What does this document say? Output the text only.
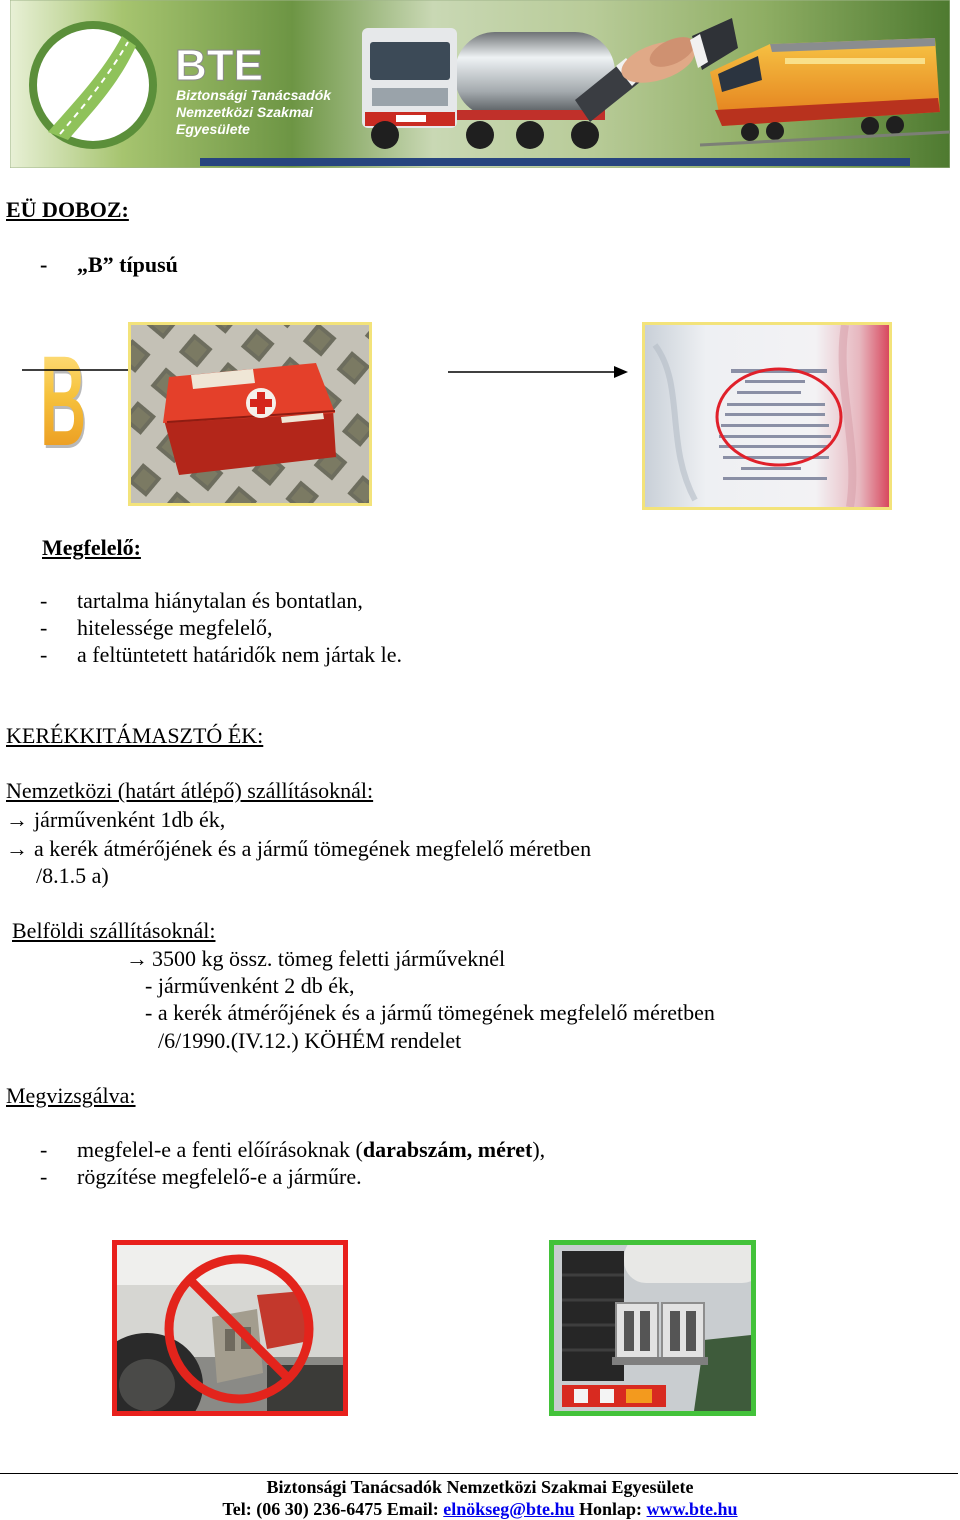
BTE
Biztonsági Tanácsadók
Nemzetközi Szakmai
Egyesülete
EÜ DOBOZ:
- „B” típusú
B
Megfelelő:
- tartalma hiánytalan és bontatlan,
- hitelessége megfelelő,
- a feltüntetett határidők nem jártak le.
KERÉKKITÁMASZTÓ ÉK:
Nemzetközi (határt átlépő) szállításoknál:
→ járművenként 1db ék,
→ a kerék átmérőjének és a jármű tömegének megfelelő méretben
/8.1.5 a)
Belföldi szállításoknál:
→ 3500 kg össz. tömeg feletti járműveknél
- járművenként 2 db ék,
- a kerék átmérőjének és a jármű tömegének megfelelő méretben
/6/1990.(IV.12.) KÖHÉM rendelet
Megvizsgálva:
- megfelel-e a fenti előírásoknak (darabszám, méret),
- rögzítése megfelelő-e a járműre.
Biztonsági Tanácsadók Nemzetközi Szakmai Egyesülete
Tel: (06 30) 236-6475 Email: elnökseg@bte.hu Honlap: www.bte.hu
